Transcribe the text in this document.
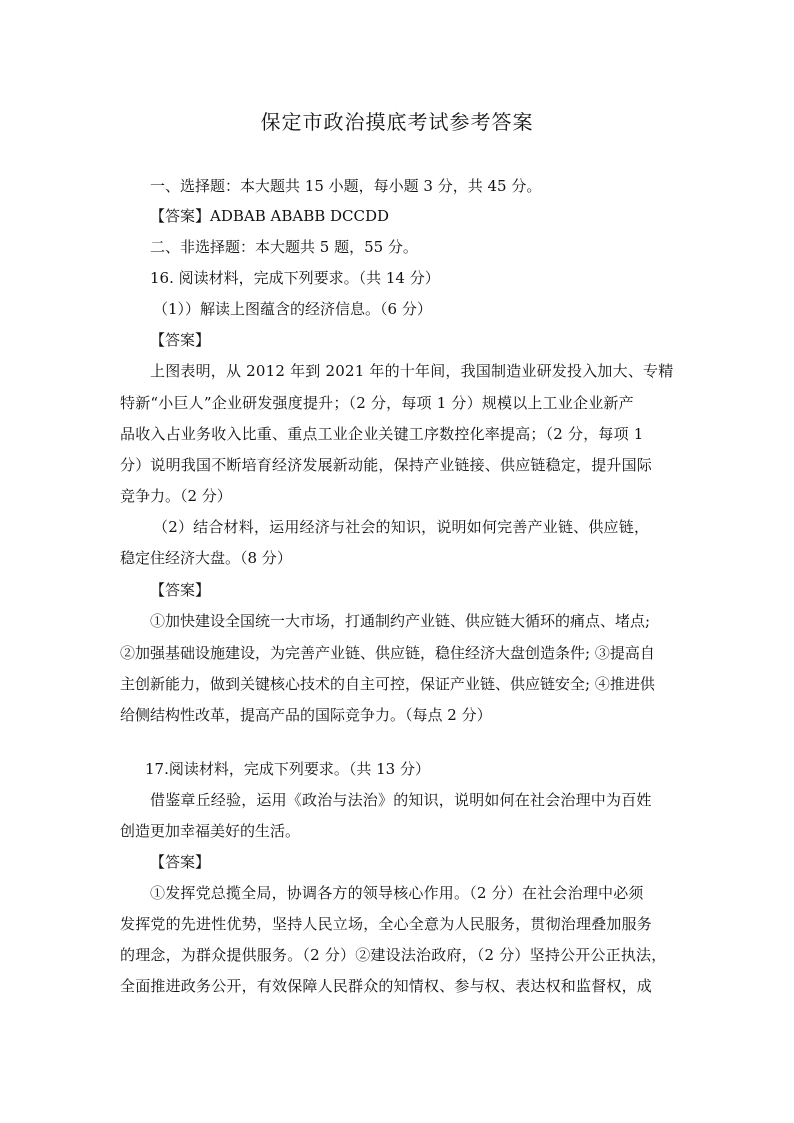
保定市政治摸底考试参考答案
一、选择题：本大题共 15 小题，每小题 3 分，共 45 分。
【答案】ADBAB ABABB DCCDD
二、非选择题：本大题共 5 题，55 分。
16. 阅读材料，完成下列要求。（共 14 分）
（1））解读上图蕴含的经济信息。（6 分）
【答案】
上图表明，从 2012 年到 2021 年的十年间，我国制造业研发投入加大、专精
特新“小巨人”企业研发强度提升；（2 分，每项 1 分）规模以上工业企业新产
品收入占业务收入比重、重点工业企业关键工序数控化率提高；（2 分，每项 1
分）说明我国不断培育经济发展新动能，保持产业链接、供应链稳定，提升国际
竞争力。（2 分）
（2）结合材料，运用经济与社会的知识，说明如何完善产业链、供应链，
稳定住经济大盘。（8 分）
【答案】
①加快建设全国统一大市场，打通制约产业链、供应链大循环的痛点、堵点;
②加强基础设施建设，为完善产业链、供应链，稳住经济大盘创造条件; ③提高自
主创新能力，做到关键核心技术的自主可控，保证产业链、供应链安全; ④推进供
给侧结构性改革，提高产品的国际竞争力。（每点 2 分）
17.阅读材料，完成下列要求。（共 13 分）
借鉴章丘经验，运用《政治与法治》的知识，说明如何在社会治理中为百姓
创造更加幸福美好的生活。
【答案】
①发挥党总揽全局，协调各方的领导核心作用。（2 分）在社会治理中必须
发挥党的先进性优势，坚持人民立场，全心全意为人民服务，贯彻治理叠加服务
的理念，为群众提供服务。（2 分）②建设法治政府，（2 分）坚持公开公正执法，
全面推进政务公开，有效保障人民群众的知情权、参与权、表达权和监督权，成
